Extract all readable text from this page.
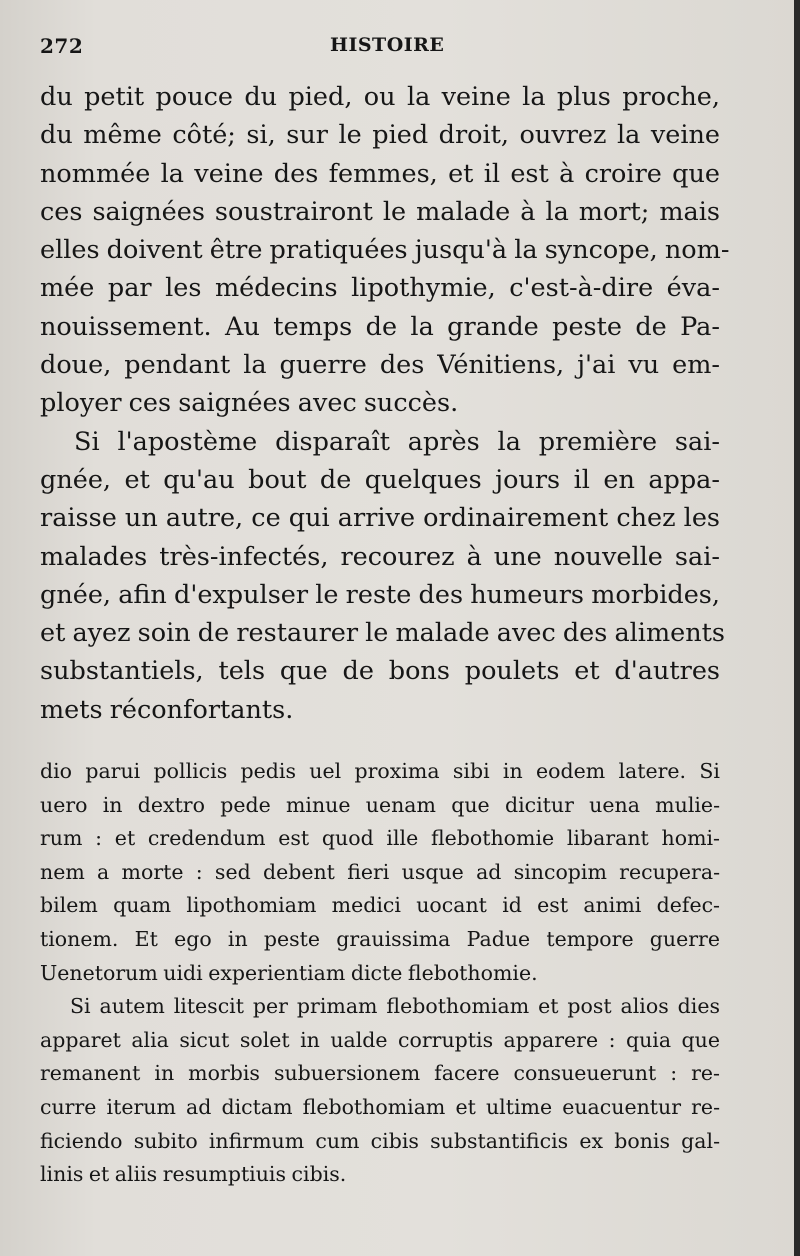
272	HISTOIRE
du petit pouce du pied, ou la veine la plus proche,
du même côté; si, sur le pied droit, ouvrez la veine
nommée la veine des femmes, et il est à croire que
ces saignées soustrairont le malade à la mort; mais
elles doivent être pratiquées jusqu'à la syncope, nom-
mée par les médecins lipothymie, c'est-à-dire éva-
nouissement. Au temps de la grande peste de Pa-
doue, pendant la guerre des Vénitiens, j'ai vu em-
ployer ces saignées avec succès.
Si l'apostème disparaît après la première sai-
gnée, et qu'au bout de quelques jours il en appa-
raisse un autre, ce qui arrive ordinairement chez les
malades très-infectés, recourez à une nouvelle sai-
gnée, afin d'expulser le reste des humeurs morbides,
et ayez soin de restaurer le malade avec des aliments
substantiels, tels que de bons poulets et d'autres
mets réconfortants.
dio parui pollicis pedis uel proxima sibi in eodem latere. Si
uero in dextro pede minue uenam que dicitur uena mulie-
rum : et credendum est quod ille flebothomie libarant homi-
nem a morte : sed debent fieri usque ad sincopim recupera-
bilem quam lipothomiam medici uocant id est animi defec-
tionem. Et ego in peste grauissima Padue tempore guerre
Uenetorum uidi experientiam dicte flebothomie.
Si autem litescit per primam flebothomiam et post alios dies
apparet alia sicut solet in ualde corruptis apparere : quia que
remanent in morbis subuersionem facere consueuerunt : re-
curre iterum ad dictam flebothomiam et ultime euacuentur re-
ficiendo subito infirmum cum cibis substantificis ex bonis gal-
linis et aliis resumptiuis cibis.
